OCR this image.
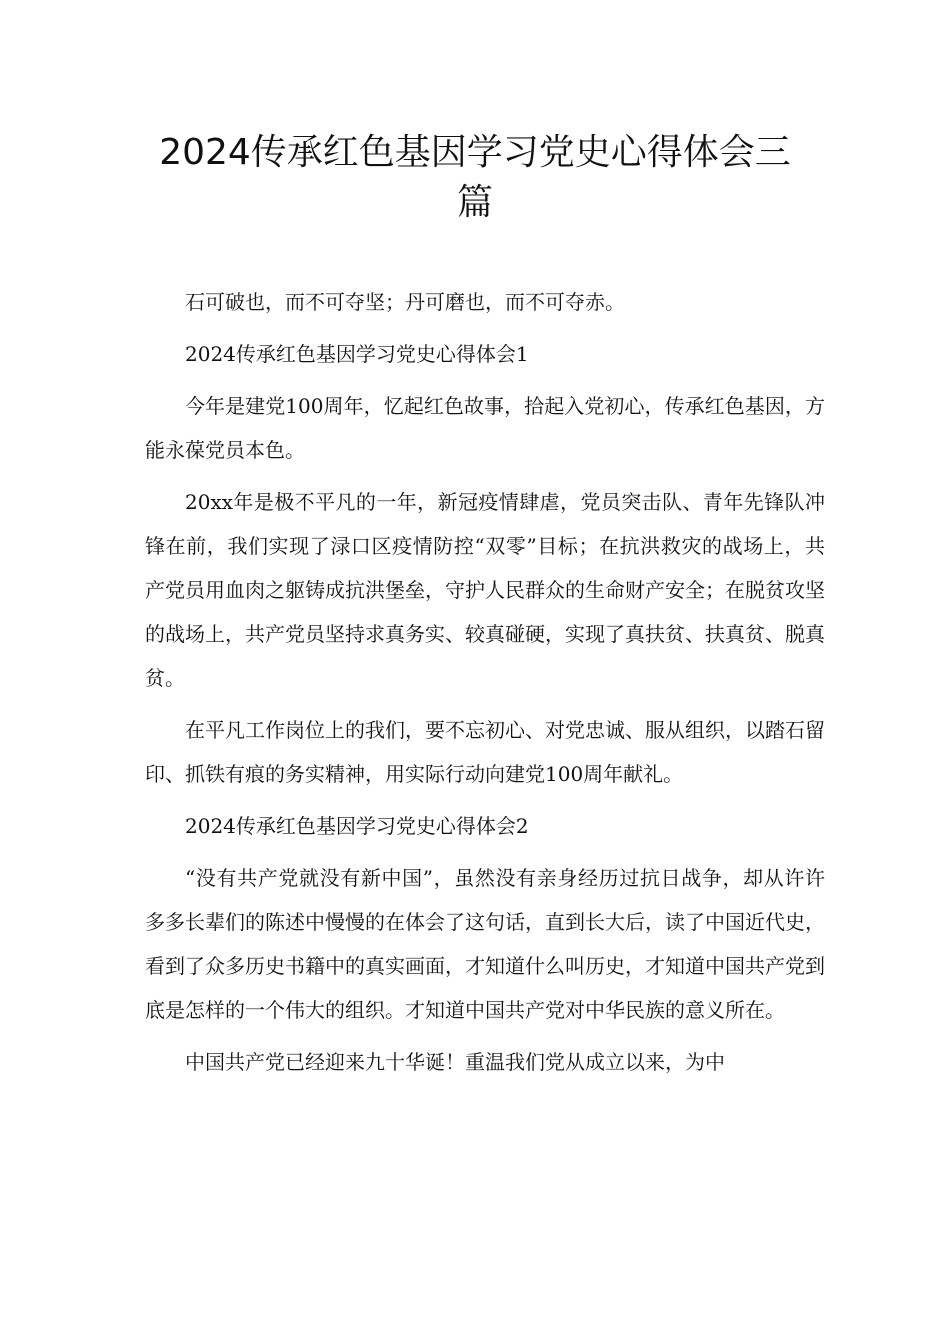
2024传承红色基因学习党史心得体会三
篇

石可破也，而不可夺坚；丹可磨也，而不可夺赤。

2024传承红色基因学习党史心得体会1

今年是建党100周年，忆起红色故事，拾起入党初心，传承红色基因，方能永葆党员本色。

20xx年是极不平凡的一年，新冠疫情肆虐，党员突击队、青年先锋队冲锋在前，我们实现了渌口区疫情防控“双零”目标；在抗洪救灾的战场上，共产党员用血肉之躯铸成抗洪堡垒，守护人民群众的生命财产安全；在脱贫攻坚的战场上，共产党员坚持求真务实、较真碰硬，实现了真扶贫、扶真贫、脱真贫。

在平凡工作岗位上的我们，要不忘初心、对党忠诚、服从组织，以踏石留印、抓铁有痕的务实精神，用实际行动向建党100周年献礼。

2024传承红色基因学习党史心得体会2

“没有共产党就没有新中国”，虽然没有亲身经历过抗日战争，却从许许多多长辈们的陈述中慢慢的在体会了这句话，直到长大后，读了中国近代史，看到了众多历史书籍中的真实画面，才知道什么叫历史，才知道中国共产党到底是怎样的一个伟大的组织。才知道中国共产党对中华民族的意义所在。

中国共产党已经迎来九十华诞！重温我们党从成立以来，为中
